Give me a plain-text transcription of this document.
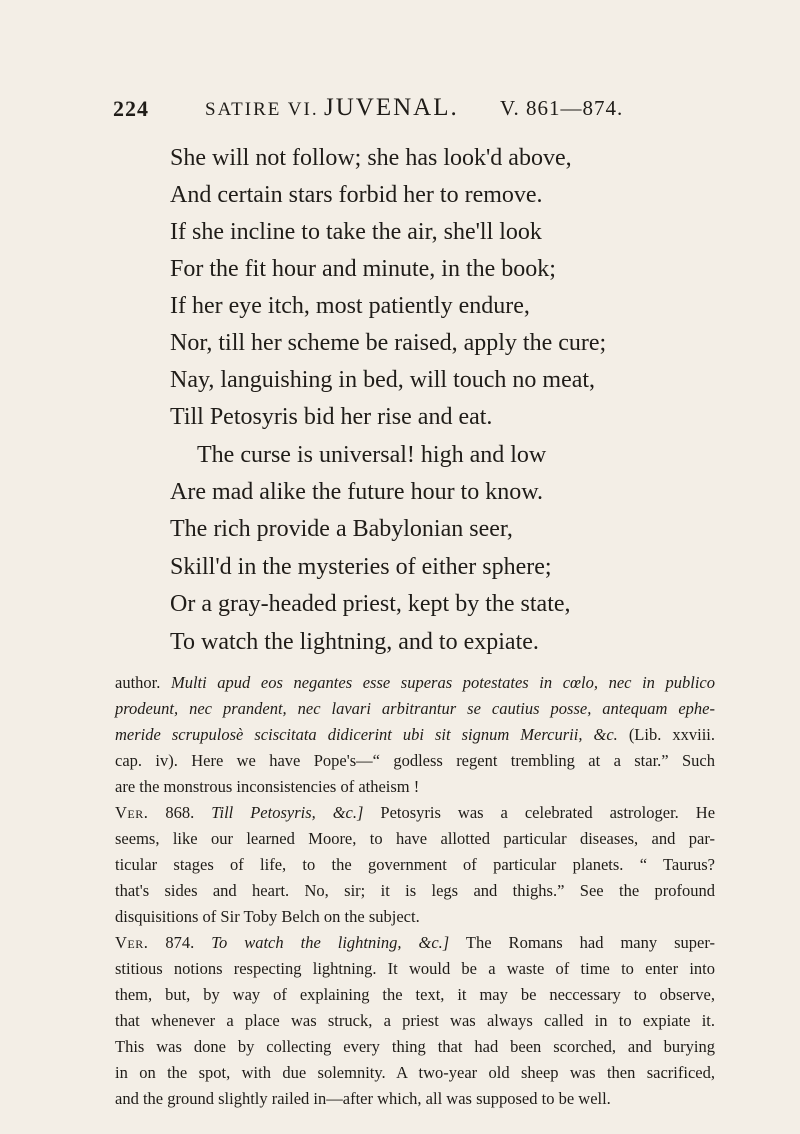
224	SATIRE VI. JUVENAL. V. 861—874.
She will not follow; she has look'd above,
And certain stars forbid her to remove.
If she incline to take the air, she'll look
For the fit hour and minute, in the book;
If her eye itch, most patiently endure,
Nor, till her scheme be raised, apply the cure;
Nay, languishing in bed, will touch no meat,
Till Petosyris bid her rise and eat.
The curse is universal! high and low
Are mad alike the future hour to know.
The rich provide a Babylonian seer,
Skill'd in the mysteries of either sphere;
Or a gray-headed priest, kept by the state,
To watch the lightning, and to expiate.
author. Multi apud eos negantes esse superas potestates in cœlo, nec in publico
prodeunt, nec prandent, nec lavari arbitrantur se cautius posse, antequam ephe-
meride scrupulosè sciscitata didicerint ubi sit signum Mercurii, &c. (Lib. xxviii.
cap. iv). Here we have Pope's—“ godless regent trembling at a star.” Such
are the monstrous inconsistencies of atheism !
Ver. 868. Till Petosyris, &c.] Petosyris was a celebrated astrologer. He
seems, like our learned Moore, to have allotted particular diseases, and par-
ticular stages of life, to the government of particular planets. “ Taurus?
that's sides and heart. No, sir; it is legs and thighs.” See the profound
disquisitions of Sir Toby Belch on the subject.
Ver. 874. To watch the lightning, &c.] The Romans had many super-
stitious notions respecting lightning. It would be a waste of time to enter into
them, but, by way of explaining the text, it may be neccessary to observe,
that whenever a place was struck, a priest was always called in to expiate it.
This was done by collecting every thing that had been scorched, and burying
in on the spot, with due solemnity. A two-year old sheep was then sacrificed,
and the ground slightly railed in—after which, all was supposed to be well.
